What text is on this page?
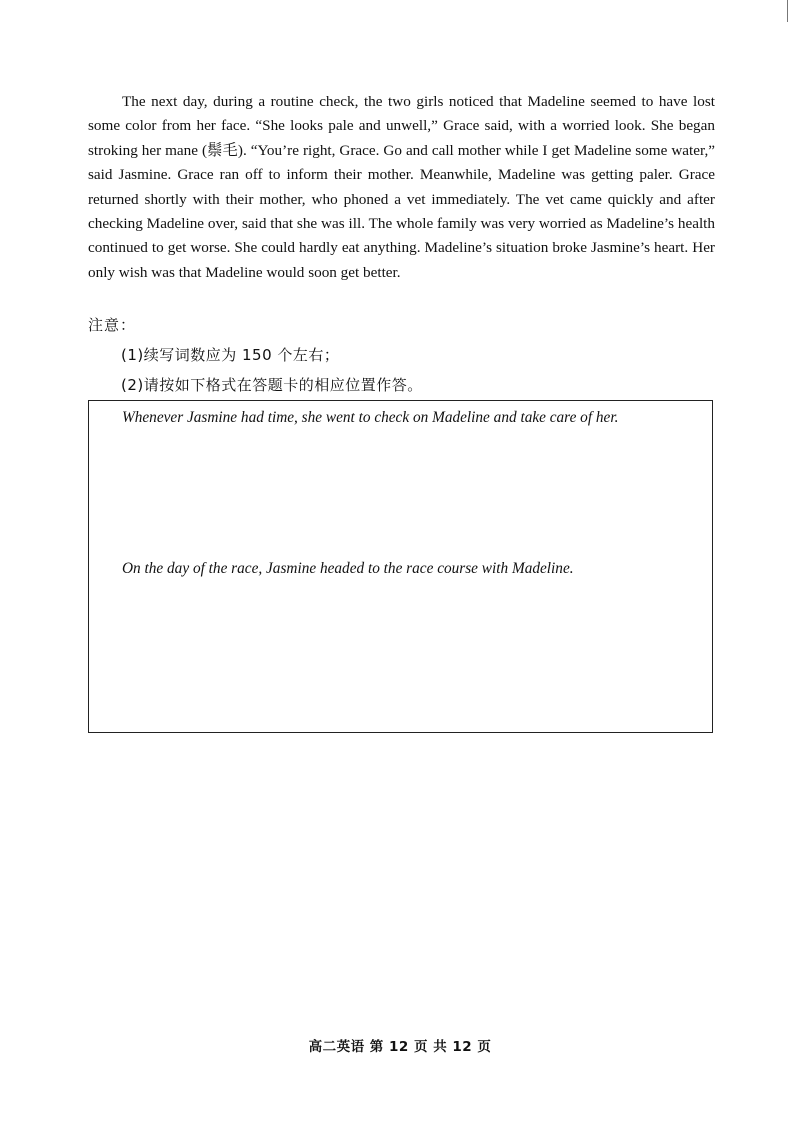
The next day, during a routine check, the two girls noticed that Madeline seemed to have lost some color from her face. “She looks pale and unwell,” Grace said, with a worried look. She began stroking her mane (鬃毛). “You’re right, Grace. Go and call mother while I get Madeline some water,” said Jasmine. Grace ran off to inform their mother. Meanwhile, Madeline was getting paler. Grace returned shortly with their mother, who phoned a vet immediately. The vet came quickly and after checking Madeline over, said that she was ill. The whole family was very worried as Madeline’s health continued to get worse. She could hardly eat anything. Madeline’s situation broke Jasmine’s heart. Her only wish was that Madeline would soon get better.

注意：
(1)续写词数应为 150 个左右；
(2)请按如下格式在答题卡的相应位置作答。
Whenever Jasmine had time, she went to check on Madeline and take care of her.
On the day of the race, Jasmine headed to the race course with Madeline.
高二英语 第 12 页 共 12 页
